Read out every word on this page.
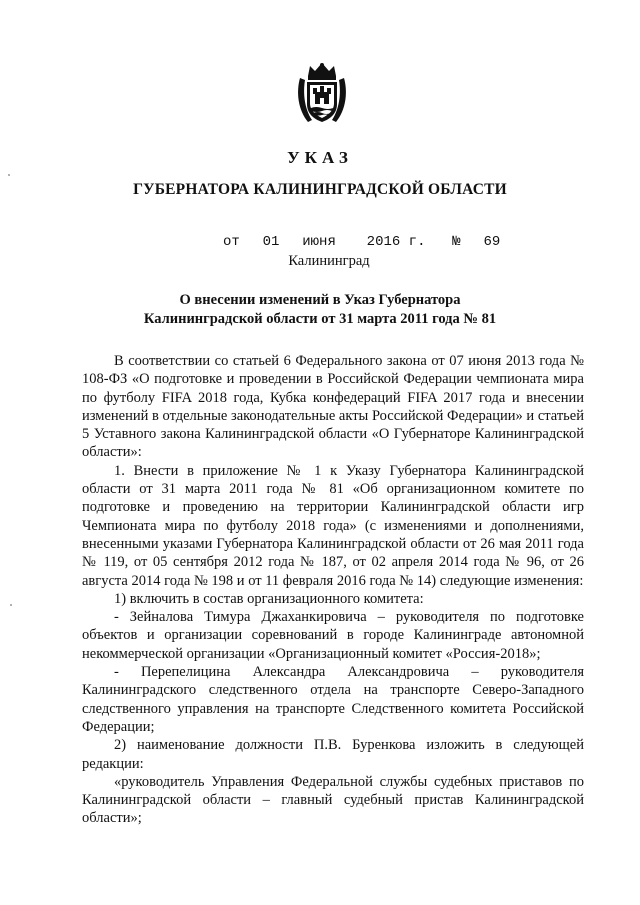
УКАЗ
ГУБЕРНАТОРА КАЛИНИНГРАДСКОЙ ОБЛАСТИ
от 01 июня 2016 г. № 69
Калининград
О внесении изменений в Указ Губернатора
Калининградской области от 31 марта 2011 года № 81

В соответствии со статьей 6 Федерального закона от 07 июня 2013 года № 108-ФЗ «О подготовке и проведении в Российской Федерации чемпионата мира по футболу FIFA 2018 года, Кубка конфедераций FIFA 2017 года и внесении изменений в отдельные законодательные акты Российской Федерации» и статьей 5 Уставного закона Калининградской области «О Губернаторе Калининградской области»:

1. Внести в приложение № 1 к Указу Губернатора Калининградской области от 31 марта 2011 года № 81 «Об организационном комитете по подготовке и проведению на территории Калининградской области игр Чемпионата мира по футболу 2018 года» (с изменениями и дополнениями, внесенными указами Губернатора Калининградской области от 26 мая 2011 года № 119, от 05 сентября 2012 года № 187, от 02 апреля 2014 года № 96, от 26 августа 2014 года № 198 и от 11 февраля 2016 года № 14) следующие изменения:

1) включить в состав организационного комитета:

- Зейналова Тимура Джаханкировича – руководителя по подготовке объектов и организации соревнований в городе Калининграде автономной некоммерческой организации «Организационный комитет «Россия-2018»;

- Перепелицина Александра Александровича – руководителя Калининградского следственного отдела на транспорте Северо-Западного следственного управления на транспорте Следственного комитета Российской Федерации;

2) наименование должности П.В. Буренкова изложить в следующей редакции:

«руководитель Управления Федеральной службы судебных приставов по Калининградской области – главный судебный пристав Калининградской области»;
